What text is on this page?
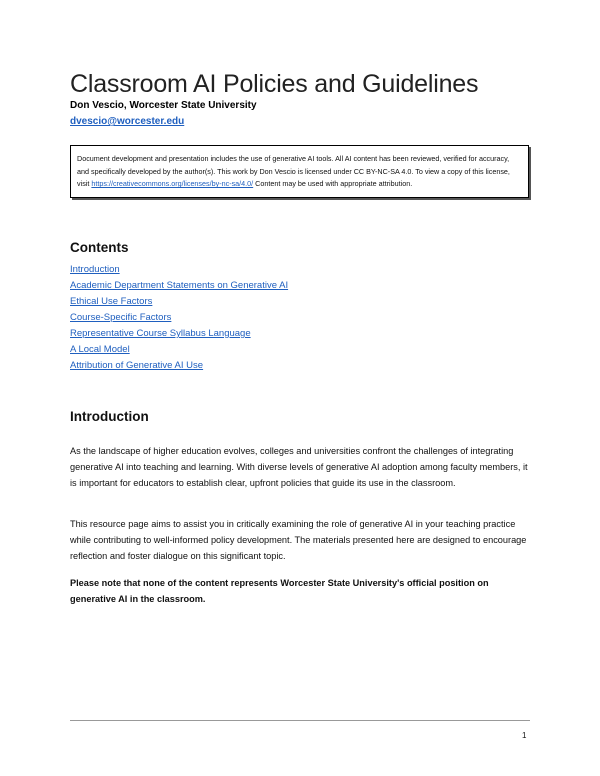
Classroom AI Policies and Guidelines
Don Vescio, Worcester State University
dvescio@worcester.edu
Document development and presentation includes the use of generative AI tools. All AI content has been reviewed, verified for accuracy, and specifically developed by the author(s). This work by Don Vescio is licensed under CC BY-NC-SA 4.0. To view a copy of this license, visit https://creativecommons.org/licenses/by-nc-sa/4.0/ Content may be used with appropriate attribution.
Contents
Introduction
Academic Department Statements on Generative AI
Ethical Use Factors
Course-Specific Factors
Representative Course Syllabus Language
A Local Model
Attribution of Generative AI Use
Introduction

As the landscape of higher education evolves, colleges and universities confront the challenges of integrating generative AI into teaching and learning. With diverse levels of generative AI adoption among faculty members, it is important for educators to establish clear, upfront policies that guide its use in the classroom.

This resource page aims to assist you in critically examining the role of generative AI in your teaching practice while contributing to well-informed policy development. The materials presented here are designed to encourage reflection and foster dialogue on this significant topic.

Please note that none of the content represents Worcester State University's official position on generative AI in the classroom.

1
